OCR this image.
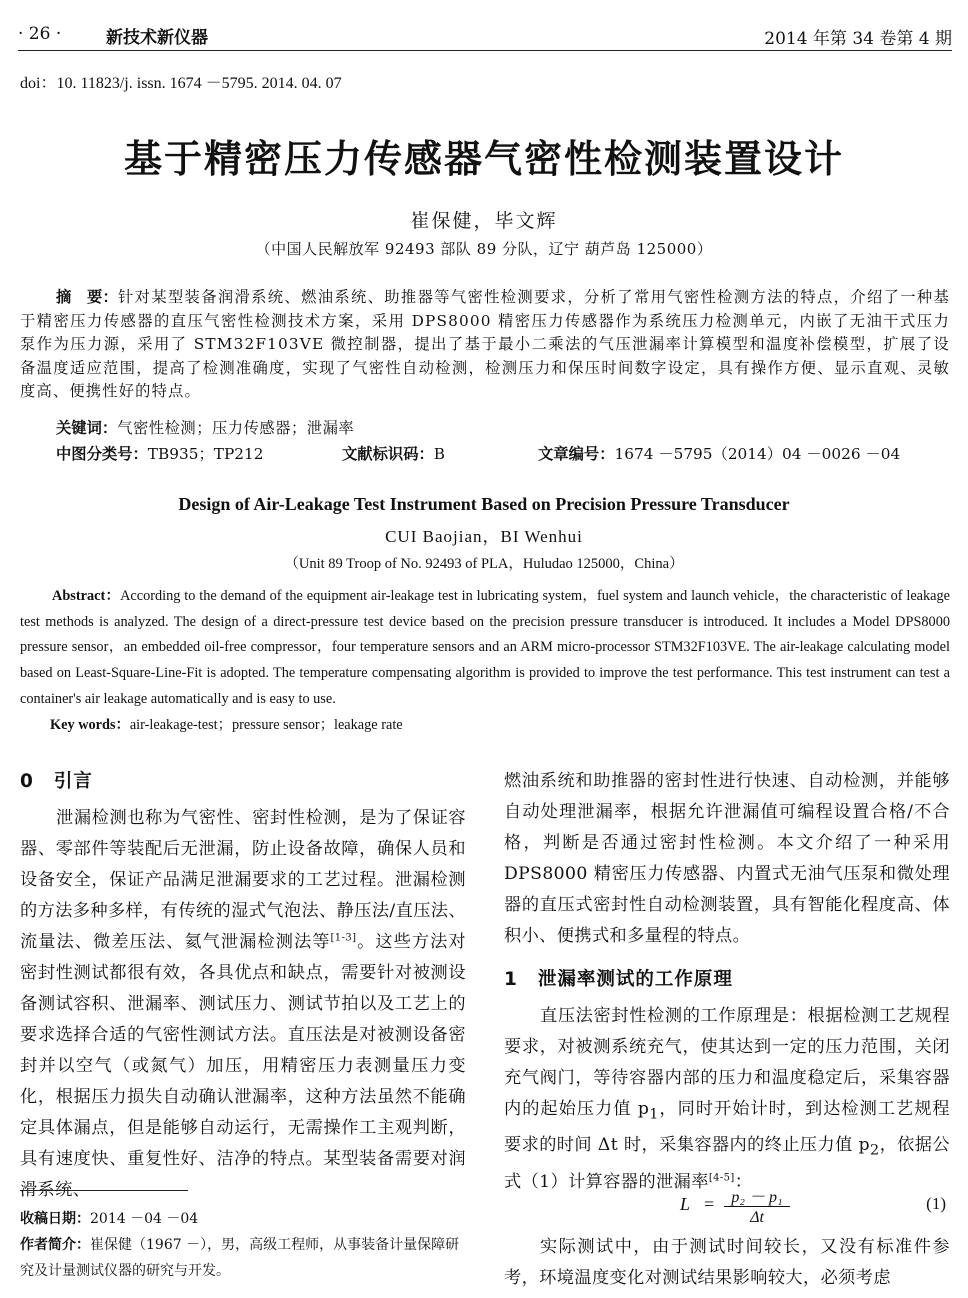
· 26 ·	新技术新仪器	2014 年第 34 卷第 4 期
doi：10. 11823/j. issn. 1674 －5795. 2014. 04. 07
基于精密压力传感器气密性检测装置设计
崔保健，毕文辉
（中国人民解放军 92493 部队 89 分队，辽宁 葫芦岛 125000）
摘　要：针对某型装备润滑系统、燃油系统、助推器等气密性检测要求，分析了常用气密性检测方法的特点，介绍了一种基于精密压力传感器的直压气密性检测技术方案，采用 DPS8000 精密压力传感器作为系统压力检测单元，内嵌了无油干式压力泵作为压力源，采用了 STM32F103VE 微控制器，提出了基于最小二乘法的气压泄漏率计算模型和温度补偿模型，扩展了设备温度适应范围，提高了检测准确度，实现了气密性自动检测，检测压力和保压时间数字设定，具有操作方便、显示直观、灵敏度高、便携性好的特点。
关键词：气密性检测；压力传感器；泄漏率
中图分类号：TB935；TP212	文献标识码：B	文章编号：1674 －5795（2014）04 －0026 －04
Design of Air-Leakage Test Instrument Based on Precision Pressure Transducer
CUI Baojian，BI Wenhui
（Unit 89 Troop of No. 92493 of PLA，Huludao 125000，China）
Abstract：According to the demand of the equipment air-leakage test in lubricating system，fuel system and launch vehicle，the characteristic of leakage test methods is analyzed. The design of a direct-pressure test device based on the precision pressure transducer is introduced. It includes a Model DPS8000 pressure sensor，an embedded oil-free compressor，four temperature sensors and an ARM micro-processor STM32F103VE. The air-leakage calculating model based on Least-Square-Line-Fit is adopted. The temperature compensating algorithm is provided to improve the test performance. This test instrument can test a container's air leakage automatically and is easy to use.
Key words：air-leakage-test；pressure sensor；leakage rate
0 引言

泄漏检测也称为气密性、密封性检测，是为了保证容器、零部件等装配后无泄漏，防止设备故障，确保人员和设备安全，保证产品满足泄漏要求的工艺过程。泄漏检测的方法多种多样，有传统的湿式气泡法、静压法/直压法、流量法、微差压法、氦气泄漏检测法等[1-3]。这些方法对密封性测试都很有效，各具优点和缺点，需要针对被测设备测试容积、泄漏率、测试压力、测试节拍以及工艺上的要求选择合适的气密性测试方法。直压法是对被测设备密封并以空气（或氮气）加压，用精密压力表测量压力变化，根据压力损失自动确认泄漏率，这种方法虽然不能确定具体漏点，但是能够自动运行，无需操作工主观判断，具有速度快、重复性好、洁净的特点。某型装备需要对润滑系统、

燃油系统和助推器的密封性进行快速、自动检测，并能够自动处理泄漏率，根据允许泄漏值可编程设置合格/不合格，判断是否通过密封性检测。本文介绍了一种采用 DPS8000 精密压力传感器、内置式无油气压泵和微处理器的直压式密封性自动检测装置，具有智能化程度高、体积小、便携式和多量程的特点。

1 泄漏率测试的工作原理

直压法密封性检测的工作原理是：根据检测工艺规程要求，对被测系统充气，使其达到一定的压力范围，关闭充气阀门，等待容器内部的压力和温度稳定后，采集容器内的起始压力值 $p_1$，同时开始计时，到达检测工艺规程要求的时间 Δt 时，采集容器内的终止压力值 $p_2$，依据公式（1）计算容器的泄漏率[4-5]：

L =	p₂ － p₁
Δt
(1)

实际测试中，由于测试时间较长，又没有标准件参考，环境温度变化对测试结果影响较大，必须考虑

收稿日期：2014 －04 －04
作者简介：崔保健（1967 －），男，高级工程师，从事装备计量保障研究及计量测试仪器的研究与开发。
